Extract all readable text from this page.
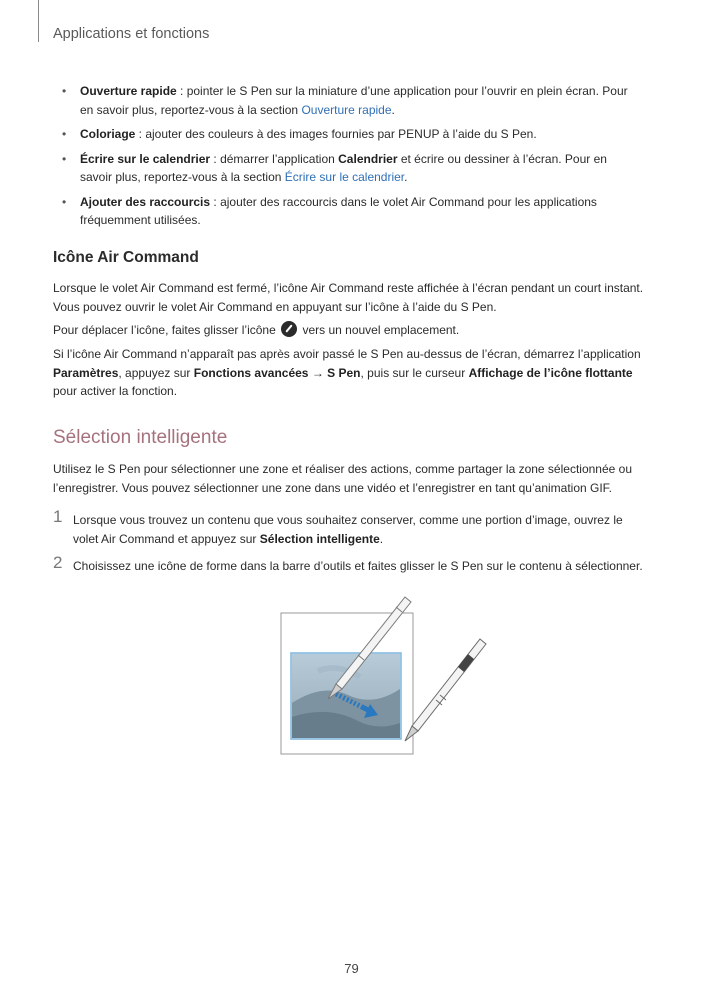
Applications et fonctions
• Ouverture rapide : pointer le S Pen sur la miniature d’une application pour l’ouvrir en plein écran. Pour en savoir plus, reportez-vous à la section Ouverture rapide.
• Coloriage : ajouter des couleurs à des images fournies par PENUP à l’aide du S Pen.
• Écrire sur le calendrier : démarrer l’application Calendrier et écrire ou dessiner à l’écran. Pour en savoir plus, reportez-vous à la section Écrire sur le calendrier.
• Ajouter des raccourcis : ajouter des raccourcis dans le volet Air Command pour les applications fréquemment utilisées.
Icône Air Command

Lorsque le volet Air Command est fermé, l’icône Air Command reste affichée à l’écran pendant un court instant. Vous pouvez ouvrir le volet Air Command en appuyant sur l’icône à l’aide du S Pen.

Pour déplacer l’icône, faites glisser l’icône  vers un nouvel emplacement.

Si l’icône Air Command n’apparaît pas après avoir passé le S Pen au-dessus de l’écran, démarrez l’application Paramètres, appuyez sur Fonctions avancées → S Pen, puis sur le curseur Affichage de l’icône flottante pour activer la fonction.

Sélection intelligente

Utilisez le S Pen pour sélectionner une zone et réaliser des actions, comme partager la zone sélectionnée ou l’enregistrer. Vous pouvez sélectionner une zone dans une vidéo et l’enregistrer en tant qu’animation GIF.

1 Lorsque vous trouvez un contenu que vous souhaitez conserver, comme une portion d’image, ouvrez le volet Air Command et appuyez sur Sélection intelligente.
2 Choisissez une icône de forme dans la barre d’outils et faites glisser le S Pen sur le contenu à sélectionner.
79
